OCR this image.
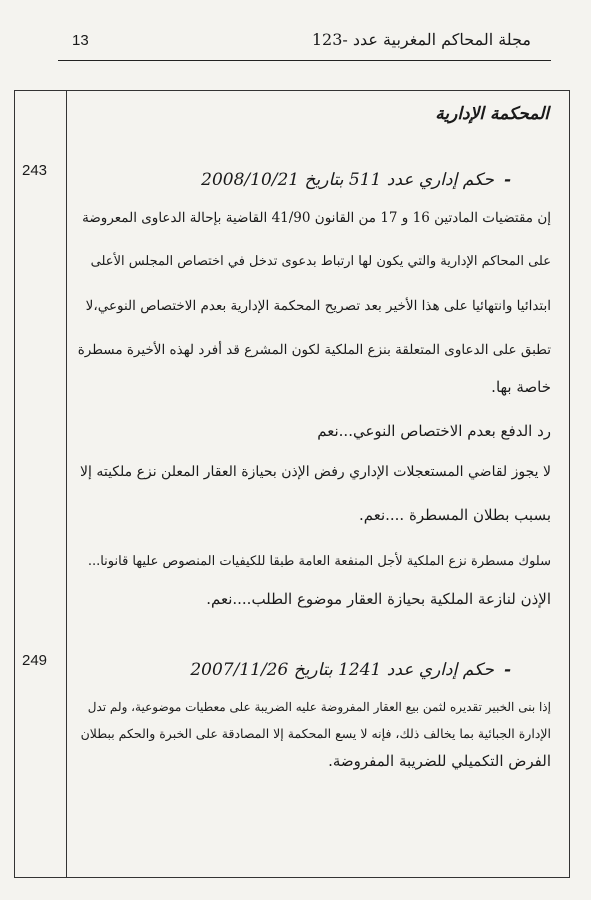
13	مجلة المحاكم المغربية عدد -123
243
249
المحكمة الإدارية
-حكم إداري عدد 511 بتاريخ 2008/10/21
إن مقتضيات المادتين 16 و 17 من القانون 41/90 القاضية بإحالة الدعاوى المعروضة
على المحاكم الإدارية والتي يكون لها ارتباط بدعوى تدخل في اختصاص المجلس الأعلى
ابتدائيا وانتهائيا على هذا الأخير بعد تصريح المحكمة الإدارية بعدم الاختصاص النوعي،لا
تطبق على الدعاوى المتعلقة بنزع الملكية لكون المشرع قد أفرد لهذه الأخيرة مسطرة
خاصة بها.
رد الدفع بعدم الاختصاص النوعي...نعم
لا يجوز لقاضي المستعجلات الإداري رفض الإذن بحيازة العقار المعلن نزع ملكيته إلا
بسبب بطلان المسطرة ....نعم.
سلوك مسطرة نزع الملكية لأجل المنفعة العامة طبقا للكيفيات المنصوص عليها قانونا...
الإذن لنازعة الملكية بحيازة العقار موضوع الطلب....نعم.
-حكم إداري عدد 1241 بتاريخ 2007/11/26
إذا بنى الخبير تقديره لثمن بيع العقار المفروضة عليه الضريبة على معطيات موضوعية، ولم تدل
الإدارة الجبائية بما يخالف ذلك، فإنه لا يسع المحكمة إلا المصادقة على الخبرة والحكم ببطلان
الفرض التكميلي للضريبة المفروضة.
